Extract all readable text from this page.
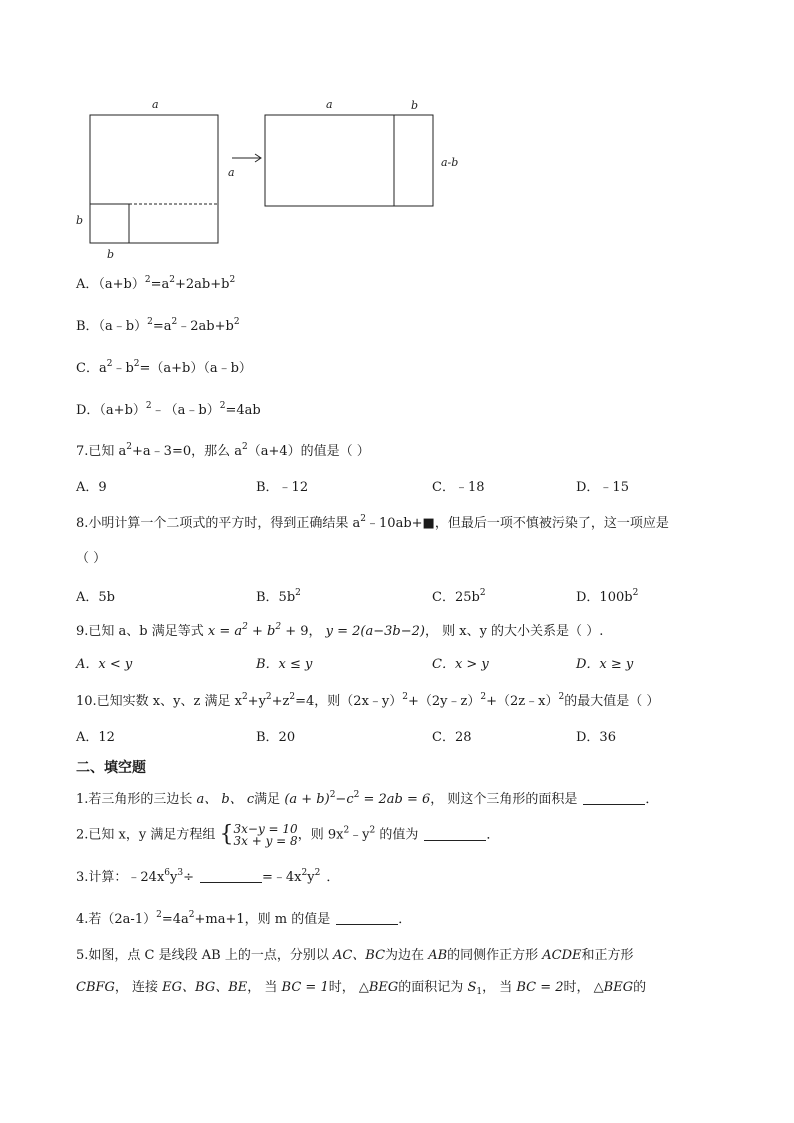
a
a
a	b
a-b
b
b
A．$(a+b)^2=a^2+2ab+b^2$
B．$(a﹣b)^2=a^2﹣2ab+b^2$
C．$a^2﹣b^2=(a+b)(a﹣b)$
D．$(a+b)^2﹣(a﹣b)^2=4ab$
7.已知 $a^2+a﹣3=0$，那么 $a^2(a+4)$的值是（ ）
A．9	B．﹣12	C．﹣18	D．﹣15
8.小明计算一个二项式的平方时，得到正确结果 $a^2﹣10ab+■$，但最后一项不慎被污染了，这一项应是
（ ）
A．5b	B．$5b^2$	C．$25b^2$	D．$100b^2$
9.已知 a、b 满足等式 $x = a^2 + b^2 + 9$， y = 2(a−3b−2)， 则 x、y 的大小关系是（ ）.
A．x < y	B．x ≤ y	C．x > y	D．x ≥ y
10.已知实数 x、y、z 满足 $x^2+y^2+z^2=4$，则（2x﹣y）$^2$+（2y﹣z）$^2$+（2z﹣x）$^2$的最大值是（ ）
A．12	B．20	C．28	D．36
二、填空题
1.若三角形的三边长 a、 b、 c满足 $(a + b)^2-c^2 = 2ab = 6$， 则这个三角形的面积是	．
2.已知 x，y 满足方程组 { 3x−y = 10
3x + y = 8 ，则 $9x^2﹣y^2$ 的值为	．
3.计算：$﹣24x^6y^3\div$	$=﹣4x^2y^2$ ．
4.若$(2a-1)^2=4a^2+ma+1$，则 m 的值是	．
5.如图，点 C 是线段 AB 上的一点，分别以 AC、BC为边在 AB的同侧作正方形 ACDE和正方形
CBFG， 连接 EG、BG、BE， 当 BC = 1时， △BEG的面积记为 $S_1$， 当 BC = 2时， △BEG的
